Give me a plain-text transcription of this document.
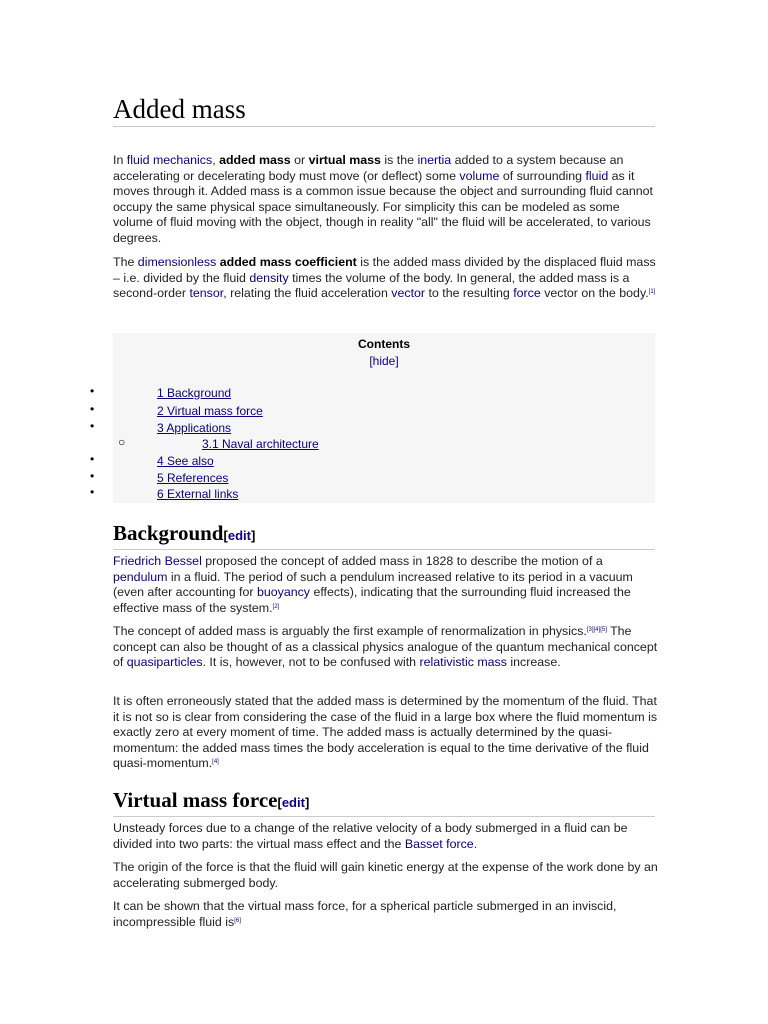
Added mass

In fluid mechanics, added mass or virtual mass is the inertia added to a system because an accelerating or decelerating body must move (or deflect) some volume of surrounding fluid as it moves through it. Added mass is a common issue because the object and surrounding fluid cannot occupy the same physical space simultaneously. For simplicity this can be modeled as some volume of fluid moving with the object, though in reality "all" the fluid will be accelerated, to various degrees.

The dimensionless added mass coefficient is the added mass divided by the displaced fluid mass – i.e. divided by the fluid density times the volume of the body. In general, the added mass is a second-order tensor, relating the fluid acceleration vector to the resulting force vector on the body.[1]

Contents
[hide]
•	1 Background
•	2 Virtual mass force
•	3 Applications
○	3.1 Naval architecture
•	4 See also
•	5 References
•	6 External links
Background[edit]

Friedrich Bessel proposed the concept of added mass in 1828 to describe the motion of a pendulum in a fluid. The period of such a pendulum increased relative to its period in a vacuum (even after accounting for buoyancy effects), indicating that the surrounding fluid increased the effective mass of the system.[2]

The concept of added mass is arguably the first example of renormalization in physics.[3][4][5] The concept can also be thought of as a classical physics analogue of the quantum mechanical concept of quasiparticles. It is, however, not to be confused with relativistic mass increase.

It is often erroneously stated that the added mass is determined by the momentum of the fluid. That it is not so is clear from considering the case of the fluid in a large box where the fluid momentum is exactly zero at every moment of time. The added mass is actually determined by the quasi-momentum: the added mass times the body acceleration is equal to the time derivative of the fluid quasi-momentum.[4]

Virtual mass force[edit]

Unsteady forces due to a change of the relative velocity of a body submerged in a fluid can be divided into two parts: the virtual mass effect and the Basset force.

The origin of the force is that the fluid will gain kinetic energy at the expense of the work done by an accelerating submerged body.

It can be shown that the virtual mass force, for a spherical particle submerged in an inviscid, incompressible fluid is[6]
